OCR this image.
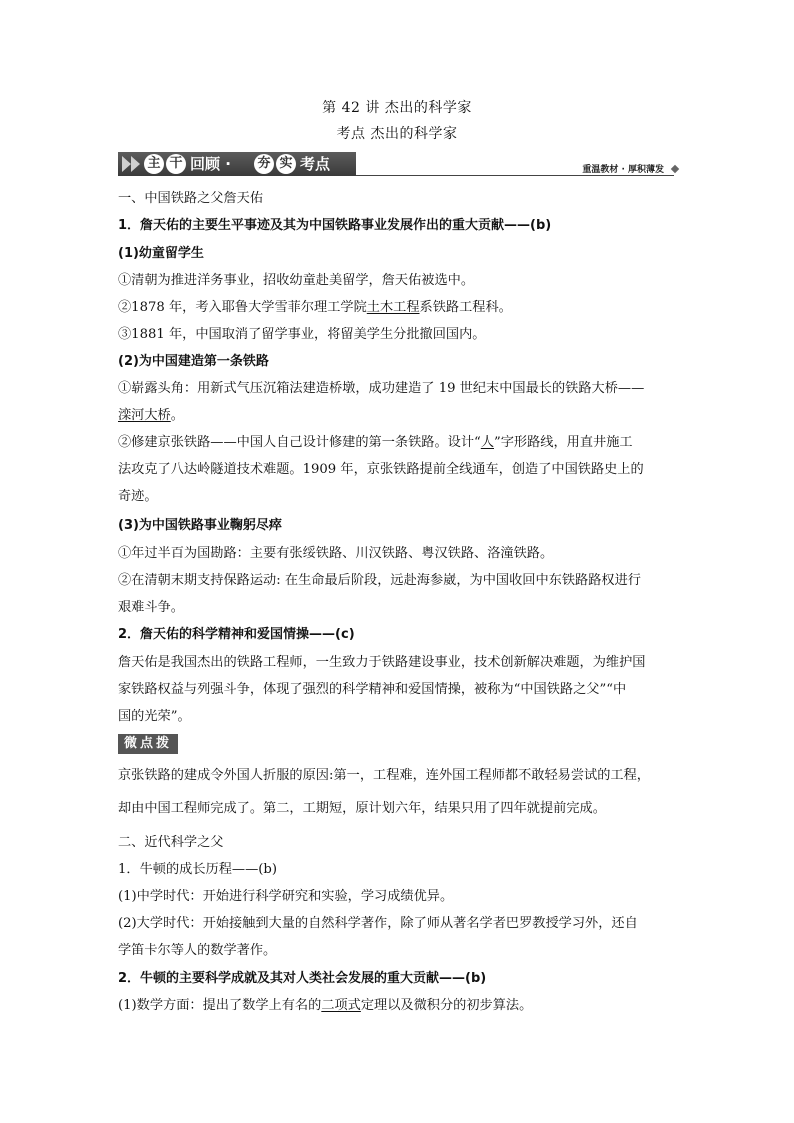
第 42 讲 杰出的科学家
考点 杰出的科学家
主 干 回顾 · 夯 实 考点	重温教材 · 厚积薄发
一、中国铁路之父詹天佑
1．詹天佑的主要生平事迹及其为中国铁路事业发展作出的重大贡献——(b)
(1)幼童留学生
①清朝为推进洋务事业，招收幼童赴美留学，詹天佑被选中。
②1878 年，考入耶鲁大学雪菲尔理工学院土木工程系铁路工程科。
③1881 年，中国取消了留学事业，将留美学生分批撤回国内。
(2)为中国建造第一条铁路
①崭露头角：用新式气压沉箱法建造桥墩，成功建造了 19 世纪末中国最长的铁路大桥——
滦河大桥。
②修建京张铁路——中国人自己设计修建的第一条铁路。设计“人”字形路线，用直井施工
法攻克了八达岭隧道技术难题。1909 年，京张铁路提前全线通车，创造了中国铁路史上的
奇迹。
(3)为中国铁路事业鞠躬尽瘁
①年过半百为国勘路：主要有张绥铁路、川汉铁路、粤汉铁路、洛潼铁路。
②在清朝末期支持保路运动: 在生命最后阶段，远赴海参崴，为中国收回中东铁路路权进行
艰难斗争。
2．詹天佑的科学精神和爱国情操——(c)
詹天佑是我国杰出的铁路工程师，一生致力于铁路建设事业，技术创新解决难题，为维护国
家铁路权益与列强斗争，体现了强烈的科学精神和爱国情操，被称为“中国铁路之父”“中
国的光荣”。
微点拨
京张铁路的建成令外国人折服的原因:第一，工程难，连外国工程师都不敢轻易尝试的工程，
却由中国工程师完成了。第二，工期短，原计划六年，结果只用了四年就提前完成。
二、近代科学之父
1．牛顿的成长历程——(b)
(1)中学时代：开始进行科学研究和实验，学习成绩优异。
(2)大学时代：开始接触到大量的自然科学著作，除了师从著名学者巴罗教授学习外，还自
学笛卡尔等人的数学著作。
2．牛顿的主要科学成就及其对人类社会发展的重大贡献——(b)
(1)数学方面：提出了数学上有名的二项式定理以及微积分的初步算法。
